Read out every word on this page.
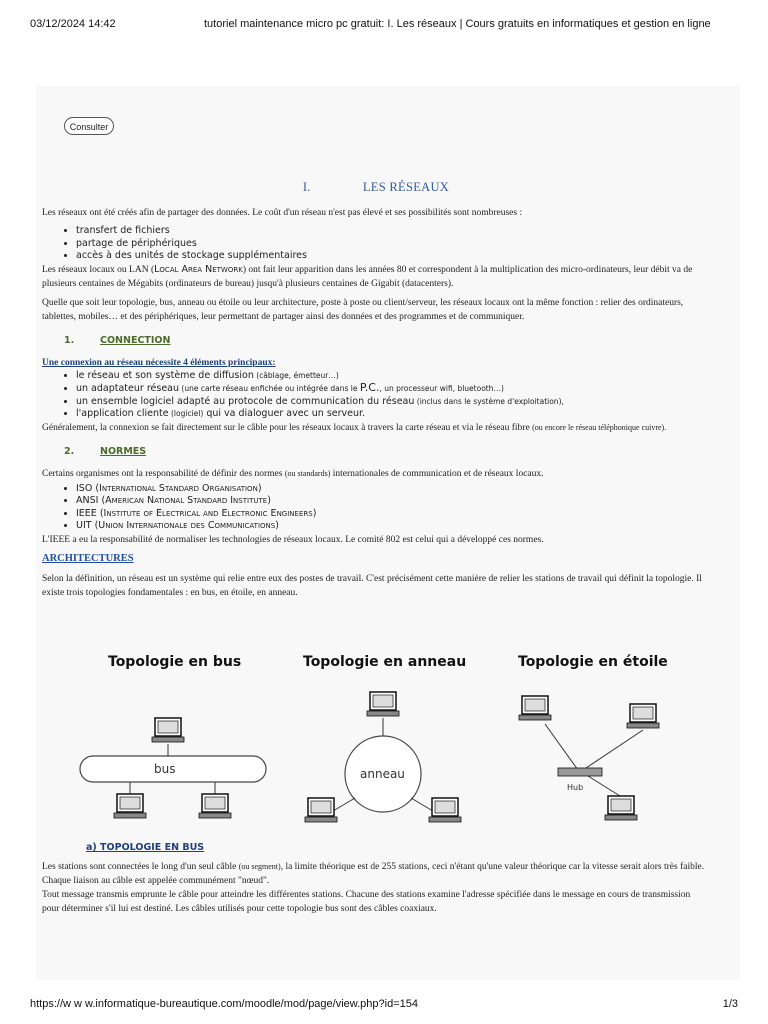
03/12/2024 14:42	tutoriel maintenance micro pc gratuit: I. Les réseaux | Cours gratuits en informatiques et gestion en ligne
Consulter
I.	LES RÉSEAUX

Les réseaux ont été créés afin de partager des données. Le coût d'un réseau n'est pas élevé et ses possibilités sont nombreuses :

• transfert de fichiers
• partage de périphériques
• accès à des unités de stockage supplémentaires

Les réseaux locaux ou LAN (Local Area Network) ont fait leur apparition dans les années 80 et correspondent à la multiplication des micro-ordinateurs, leur débit va de plusieurs centaines de Mégabits (ordinateurs de bureau) jusqu'à plusieurs centaines de Gigabit (datacenters).

Quelle que soit leur topologie, bus, anneau ou étoile ou leur architecture, poste à poste ou client/serveur, les réseaux locaux ont la même fonction : relier des ordinateurs, tablettes, mobiles… et des périphériques, leur permettant de partager ainsi des données et des programmes et de communiquer.

1.	CONNECTION
Une connexion au réseau nécessite 4 éléments principaux:
• le réseau et son système de diffusion (câblage, émetteur…)
• un adaptateur réseau (une carte réseau enfichée ou intégrée dans le P.C., un processeur wifi, bluetooth…)
• un ensemble logiciel adapté au protocole de communication du réseau (inclus dans le système d'exploitation),
• l'application cliente (logiciel) qui va dialoguer avec un serveur.

Généralement, la connexion se fait directement sur le câble pour les réseaux locaux à travers la carte réseau et via le réseau fibre (ou encore le réseau téléphonique cuivre).

2.	NORMES

Certains organismes ont la responsabilité de définir des normes (ou standards) internationales de communication et de réseaux locaux.

• ISO (International Standard Organisation)
• ANSI (American National Standard Institute)
• IEEE (Institute of Electrical and Electronic Engineers)
• UIT (Union Internationale des Communications)

L'IEEE a eu la responsabilité de normaliser les technologies de réseaux locaux. Le comité 802 est celui qui a développé ces normes.

ARCHITECTURES

Selon la définition, un réseau est un système qui relie entre eux des postes de travail. C'est précisément cette manière de relier les stations de travail qui définit la topologie. Il existe trois topologies fondamentales : en bus, en étoile, en anneau.

Topologie en bus	Topologie en anneau	Topologie en étoile
bus	anneau
Hub
a) TOPOLOGIE EN BUS

Les stations sont connectées le long d'un seul câble (ou segment), la limite théorique est de 255 stations, ceci n'étant qu'une valeur théorique car la vitesse serait alors très faible. Chaque liaison au câble est appelée communément "nœud".

Tout message transmis emprunte le câble pour atteindre les différentes stations. Chacune des stations examine l'adresse spécifiée dans le message en cours de transmission pour déterminer s'il lui est destiné. Les câbles utilisés pour cette topologie bus sont des câbles coaxiaux.

https://w w w.informatique-bureautique.com/moodle/mod/page/view.php?id=154	1/3
